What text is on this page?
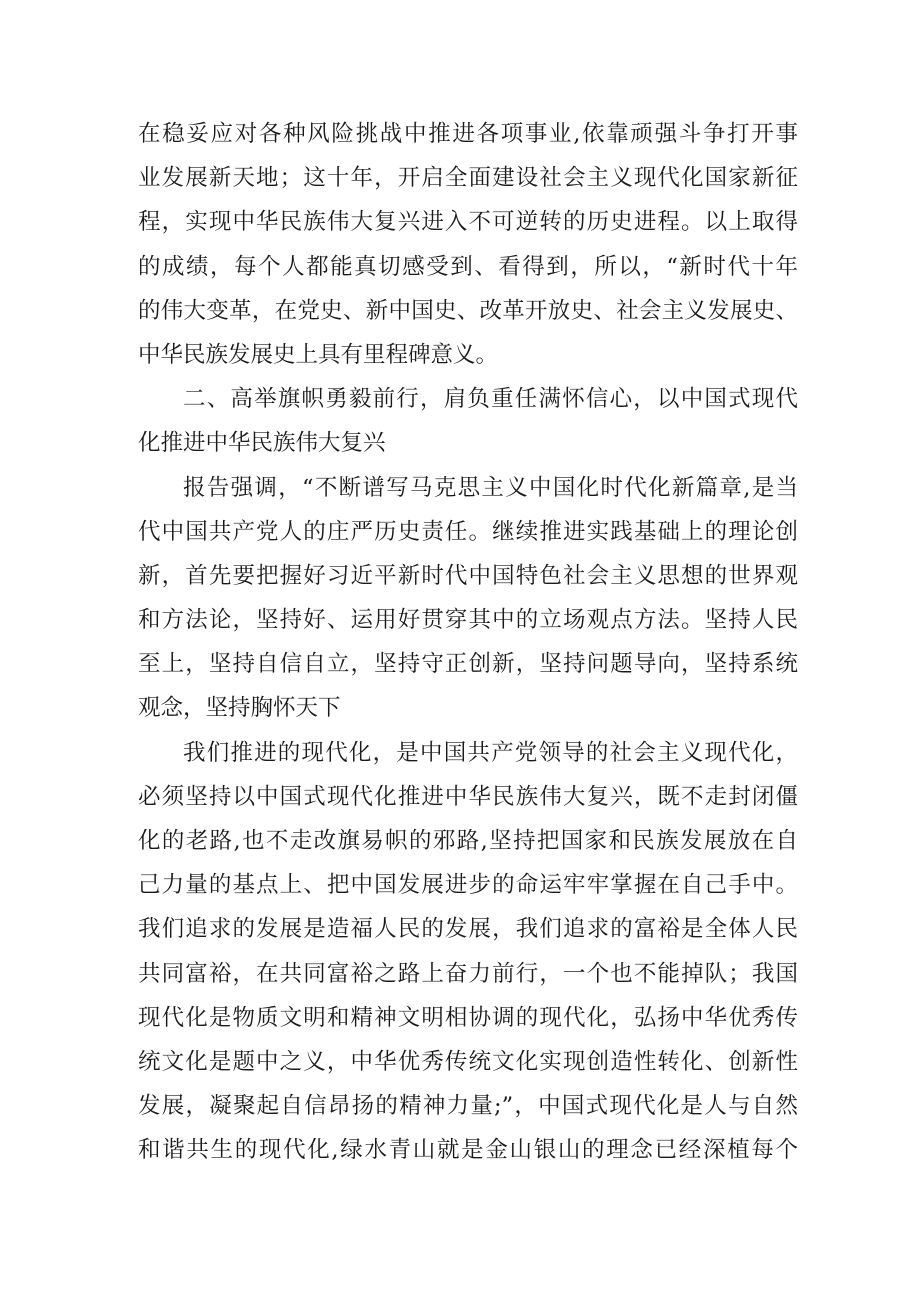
在稳妥应对各种风险挑战中推进各项事业,依靠顽强斗争打开事
业发展新天地；这十年，开启全面建设社会主义现代化国家新征
程，实现中华民族伟大复兴进入不可逆转的历史进程。以上取得
的成绩，每个人都能真切感受到、看得到，所以，“新时代十年
的伟大变革，在党史、新中国史、改革开放史、社会主义发展史、
中华民族发展史上具有里程碑意义。
二、高举旗帜勇毅前行，肩负重任满怀信心，以中国式现代
化推进中华民族伟大复兴
报告强调，“不断谱写马克思主义中国化时代化新篇章,是当
代中国共产党人的庄严历史责任。继续推进实践基础上的理论创
新，首先要把握好习近平新时代中国特色社会主义思想的世界观
和方法论，坚持好、运用好贯穿其中的立场观点方法。坚持人民
至上，坚持自信自立，坚持守正创新，坚持问题导向，坚持系统
观念，坚持胸怀天下
我们推进的现代化，是中国共产党领导的社会主义现代化，
必须坚持以中国式现代化推进中华民族伟大复兴，既不走封闭僵
化的老路,也不走改旗易帜的邪路,坚持把国家和民族发展放在自
己力量的基点上、把中国发展进步的命运牢牢掌握在自己手中。
我们追求的发展是造福人民的发展，我们追求的富裕是全体人民
共同富裕，在共同富裕之路上奋力前行，一个也不能掉队；我国
现代化是物质文明和精神文明相协调的现代化，弘扬中华优秀传
统文化是题中之义，中华优秀传统文化实现创造性转化、创新性
发展，凝聚起自信昂扬的精神力量;”，中国式现代化是人与自然
和谐共生的现代化,绿水青山就是金山银山的理念已经深植每个
